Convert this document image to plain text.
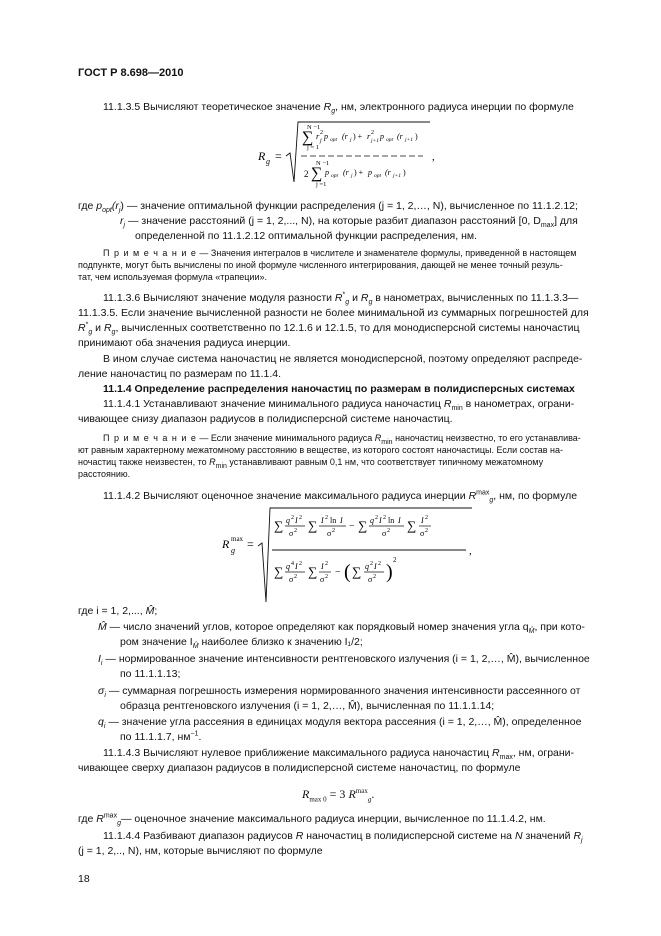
ГОСТ Р 8.698—2010
11.1.3.5 Вычисляют теоретическое значение $R_g$, нм, электронного радиуса инерции по формуле
R g =
N −1
∑
j = 1
r 2
j p opt (r j ) + r 2
j+1 p opt (r j+1 )
N −1
2 ∑
j =1
p opt (r j ) + p opt (r j+1 )
,
где $p_{opt}(r_j)$ — значение оптимальной функции распределения (j = 1, 2,…, N), вычисленное по 11.1.2.12;
$r_j$ — значение расстояний (j = 1, 2,..., N), на которые разбит диапазон расстояний [0, $D_{max}$] для
определенной по 11.1.2.12 оптимальной функции распределения, нм.
П р и м е ч а н и е — Значения интегралов в числителе и знаменателе формулы, приведенной в настоящем
подпункте, могут быть вычислены по иной формуле численного интегрирования, дающей не менее точный резуль-
тат, чем используемая формула «трапеции».
11.1.3.6 Вычисляют значение модуля разности $R^*_g$ и $R_g$ в нанометрах, вычисленных по 11.1.3.3—
11.1.3.5. Если значение вычисленной разности не более минимальной из суммарных погрешностей для
$R^*_g$ и $R_g$, вычисленных соответственно по 12.1.6 и 12.1.5, то для монодисперсной системы наночастиц
принимают оба значения радиуса инерции.
В ином случае система наночастиц не является монодисперсной, поэтому определяют распреде-
ление наночастиц по размерам по 11.1.4.
11.1.4 Определение распределения наночастиц по размерам в полидисперсных системах
11.1.4.1 Устанавливают значение минимального радиуса наночастиц $R_{min}$ в нанометрах, ограни-
чивающее снизу диапазон радиусов в полидисперсной системе наночастиц.
П р и м е ч а н и е — Если значение минимального радиуса $R_{min}$ наночастиц неизвестно, то его устанавлива-
ют равным характерному межатомному расстоянию в веществе, из которого состоят наночастицы. Если состав на-
ночастиц также неизвестен, то $R_{min}$ устанавливают равным 0,1 нм, что соответствует типичному межатомному
расстоянию.
11.1.4.2 Вычисляют оценочное значение максимального радиуса инерции $R^{max}_g$, нм, по формуле
R max
g =
∑ q 2 I 2
σ 2 ∑ I 2 ln I
σ 2 − ∑ q 2 I 2 ln I
σ 2 ∑ I 2
σ 2
∑ q 4 I 2
σ 2 ∑ I 2
σ 2 − ( ∑ q 2 I 2
σ 2 )
2
,
где i = 1, 2,..., M̂;
M̂ — число значений углов, которое определяют как порядковый номер значения угла $q_{M̂}$, при кото-
ром значение $I_{M̂}$ наиболее близко к значению I₁/2;
$I_i$ — нормированное значение интенсивности рентгеновского излучения (i = 1, 2,…, M̂), вычисленное
по 11.1.1.13;
$\sigma_i$ — суммарная погрешность измерения нормированного значения интенсивности рассеянного от
образца рентгеновского излучения (i = 1, 2,…, M̂), вычисленная по 11.1.1.14;
$q_i$ — значение угла рассеяния в единицах модуля вектора рассеяния (i = 1, 2,…, M̂), определенное
по 11.1.1.7, $нм^{-1}$.
11.1.4.3 Вычисляют нулевое приближение максимального радиуса наночастиц $R_{max}$, нм, ограни-
чивающее сверху диапазон радиусов в полидисперсной системе наночастиц, по формуле
$R_{max 0} = 3$ $R^{max}_g$.
где $R^{max}_g—$ оценочное значение максимального радиуса инерции, вычисленное по 11.1.4.2, нм.
11.1.4.4 Разбивают диапазон радиусов R наночастиц в полидисперсной системе на N значений $R_j$
(j = 1, 2,.., N), нм, которые вычисляют по формуле
18
